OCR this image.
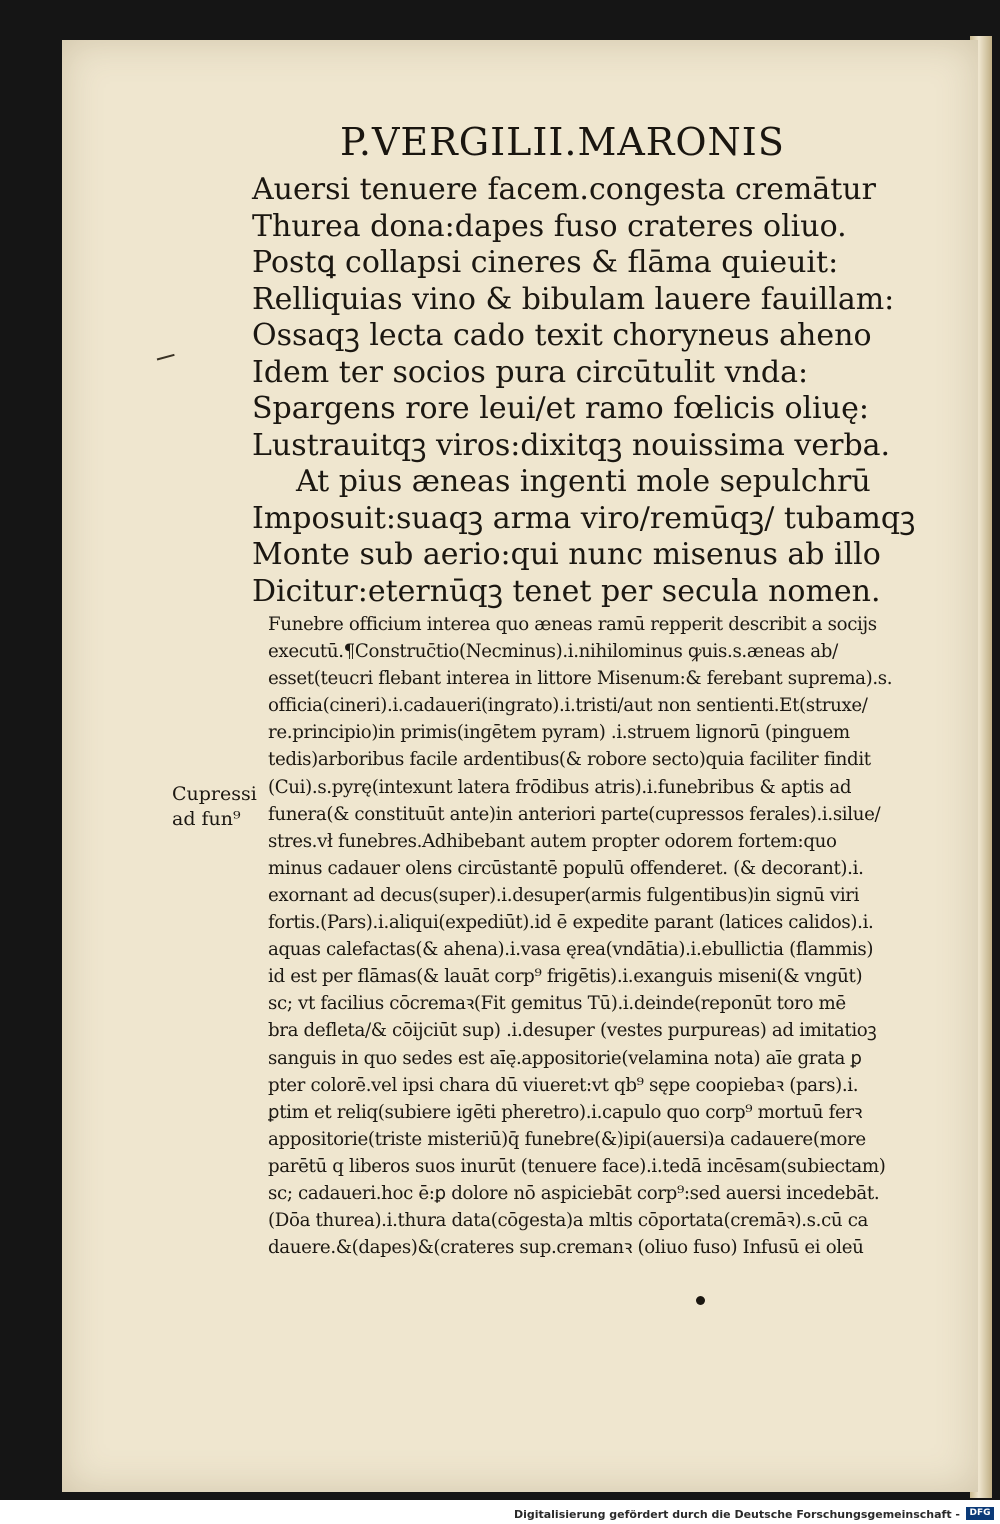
P.VERGILII.MARONIS
Auersi tenuere facem.congesta cremātur
Thurea dona:dapes fuso crateres oliuo.
Postꝗ collapsi cineres & flāma quieuit:
Relliquias vino & bibulam lauere fauillam:
Ossaqꝫ lecta cado texit choryneus aheno
Idem ter socios pura circūtulit vnda:
Spargens rore leui/et ramo fœlicis oliuę:
Lustrauitqꝫ viros:dixitqꝫ nouissima verba.
At pius æneas ingenti mole sepulchrū
Imposuit:suaqꝫ arma viro/remūqꝫ/ tubamqꝫ
Monte sub aerio:qui nunc misenus ab illo
Dicitur:eternūqꝫ tenet per secula nomen.
Cupressi
ad fun⁹
Funebre officium interea quo æneas ramū repperit describit a socijs
executū.¶Construc̄tio(Necminus).i.nihilominus ꝙuis.s.æneas ab/
esset(teucri flebant interea in littore Misenum:& ferebant suprema).s.
officia(cineri).i.cadaueri(ingrato).i.tristi/aut non sentienti.Et(struxe/
re.principio)in primis(ingētem pyram) .i.struem lignorū (pinguem
tedis)arboribus facile ardentibus(& robore secto)quia faciliter findit
(Cui).s.pyrę(intexunt latera frōdibus atris).i.funebribus & aptis ad
funera(& constituūt ante)in anteriori parte(cupressos ferales).i.silue/
stres.vł funebres.Adhibebant autem propter odorem fortem:quo
minus cadauer olens circūstantē populū offenderet. (& decorant).i.
exornant ad decus(super).i.desuper(armis fulgentibus)in signū viri
fortis.(Pars).i.aliqui(expediūt).id ē expedite parant (latices calidos).i.
aquas calefactas(& ahena).i.vasa ęrea(vndātia).i.ebullictia (flammis)
id est per flāmas(& lauāt corp⁹ frigētis).i.exanguis miseni(& vngūt)
sc; vt facilius cōcremaꝛ(Fit gemitus Tū).i.deinde(reponūt toro mē
bra defleta/& cōijciūt sup) .i.desuper (vestes purpureas) ad imitatioꝫ
sanguis in quo sedes est aīę.appositorie(velamina nota) aīe grata ꝑ
pter colorē.vel ipsi chara dū viueret:vt qb⁹ sępe coopiebaꝛ (pars).i.
ꝑtim et reliq(subiere igēti pheretro).i.capulo quo corp⁹ mortuū ferꝛ
appositorie(triste misteriū)q̄ funebre(&)ipi(auersi)a cadauere(more
parētū q liberos suos inurūt (tenuere face).i.tedā incēsam(subiectam)
sc; cadaueri.hoc ē:ꝑ dolore nō aspiciebāt corp⁹:sed auersi incedebāt.
(Dōa thurea).i.thura data(cōgesta)a mltis cōportata(cremāꝛ).s.cū ca
dauere.&(dapes)&(crateres sup.cremanꝛ (oliuo fuso) Infusū ei oleū
Digitalisierung gefördert durch die Deutsche Forschungsgemeinschaft -	DFG
